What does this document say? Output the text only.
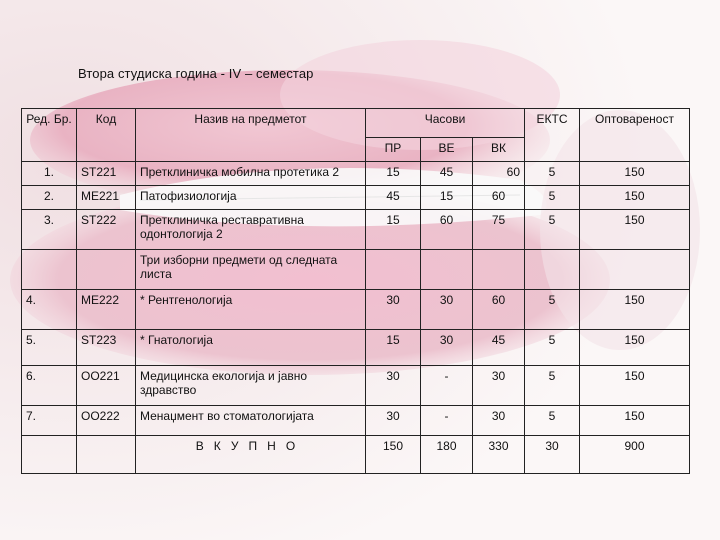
Втора студиска година - IV – семестар
Ред. Бр.	Код	Назив на предметот	Часови			ЕКТС	Оптовареност
			ПР	ВЕ	ВК		
1.	ST221	Претклиничка мобилна протетика 2	15	45	60	5	150
2.	ME221	Патофизиологија	45	15	60	5	150
3.	ST222	Претклиничка реставративна одонтологија 2	15	60	75	5	150
		Три изборни предмети од следната листа					
4.	ME222	* Рентгенологија	30	30	60	5	150
5.	ST223	* Гнатологија	15	30	45	5	150
6.	OO221	Медицинска екологија и јавно здравство	30	-	30	5	150
7.	OO222	Менаџмент во стоматологијата	30	-	30	5	150
		ВКУПНО	150	180	330	30	900
